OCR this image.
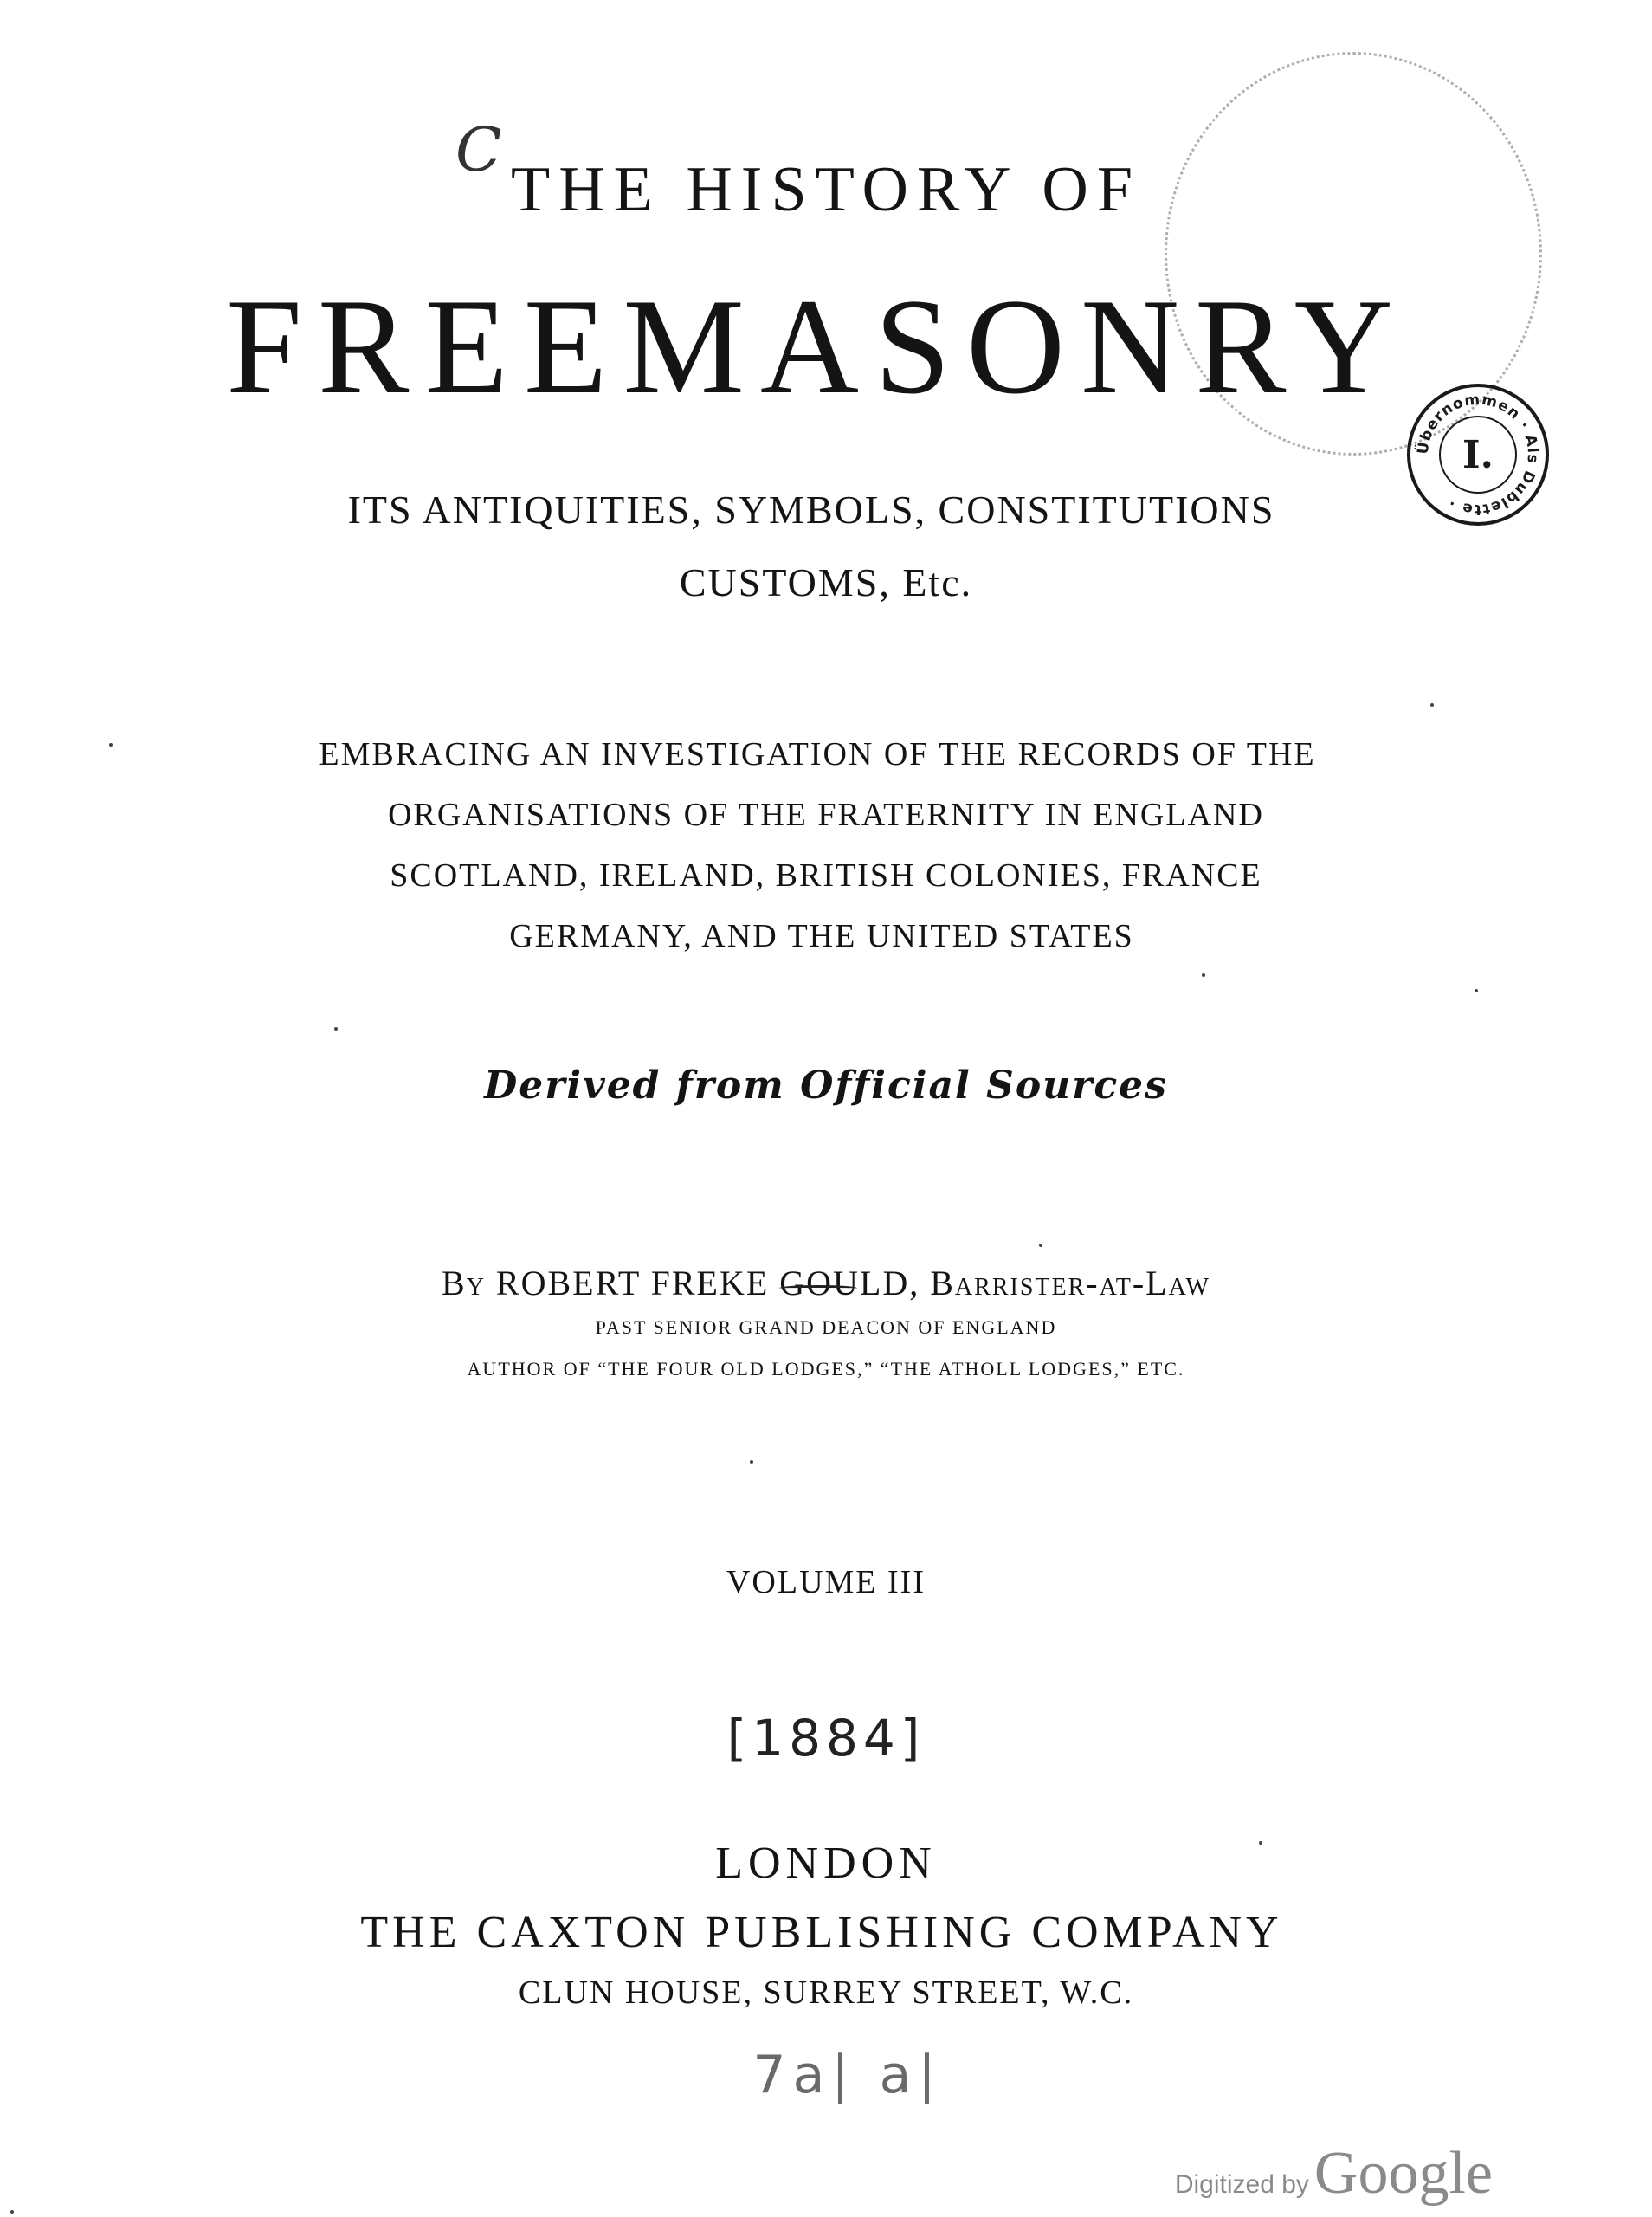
C
THE HISTORY OF
FREEMASONRY
ITS ANTIQUITIES, SYMBOLS, CONSTITUTIONS
CUSTOMS, Etc.
EMBRACING AN INVESTIGATION OF THE RECORDS OF THE
ORGANISATIONS OF THE FRATERNITY IN ENGLAND
SCOTLAND, IRELAND, BRITISH COLONIES, FRANCE
GERMANY, AND THE UNITED STATES
Derived from Official Sources
By ROBERT FREKE GOULD, Barrister-at-Law
PAST SENIOR GRAND DEACON OF ENGLAND
AUTHOR OF “THE FOUR OLD LODGES,” “THE ATHOLL LODGES,” ETC.
VOLUME III
[1884]
LONDON
THE CAXTON PUBLISHING COMPANY
CLUN HOUSE, SURREY STREET, W.C.
7a| a|
Übernommen · Als Dublette ·
I.
Digitized byGoogle
